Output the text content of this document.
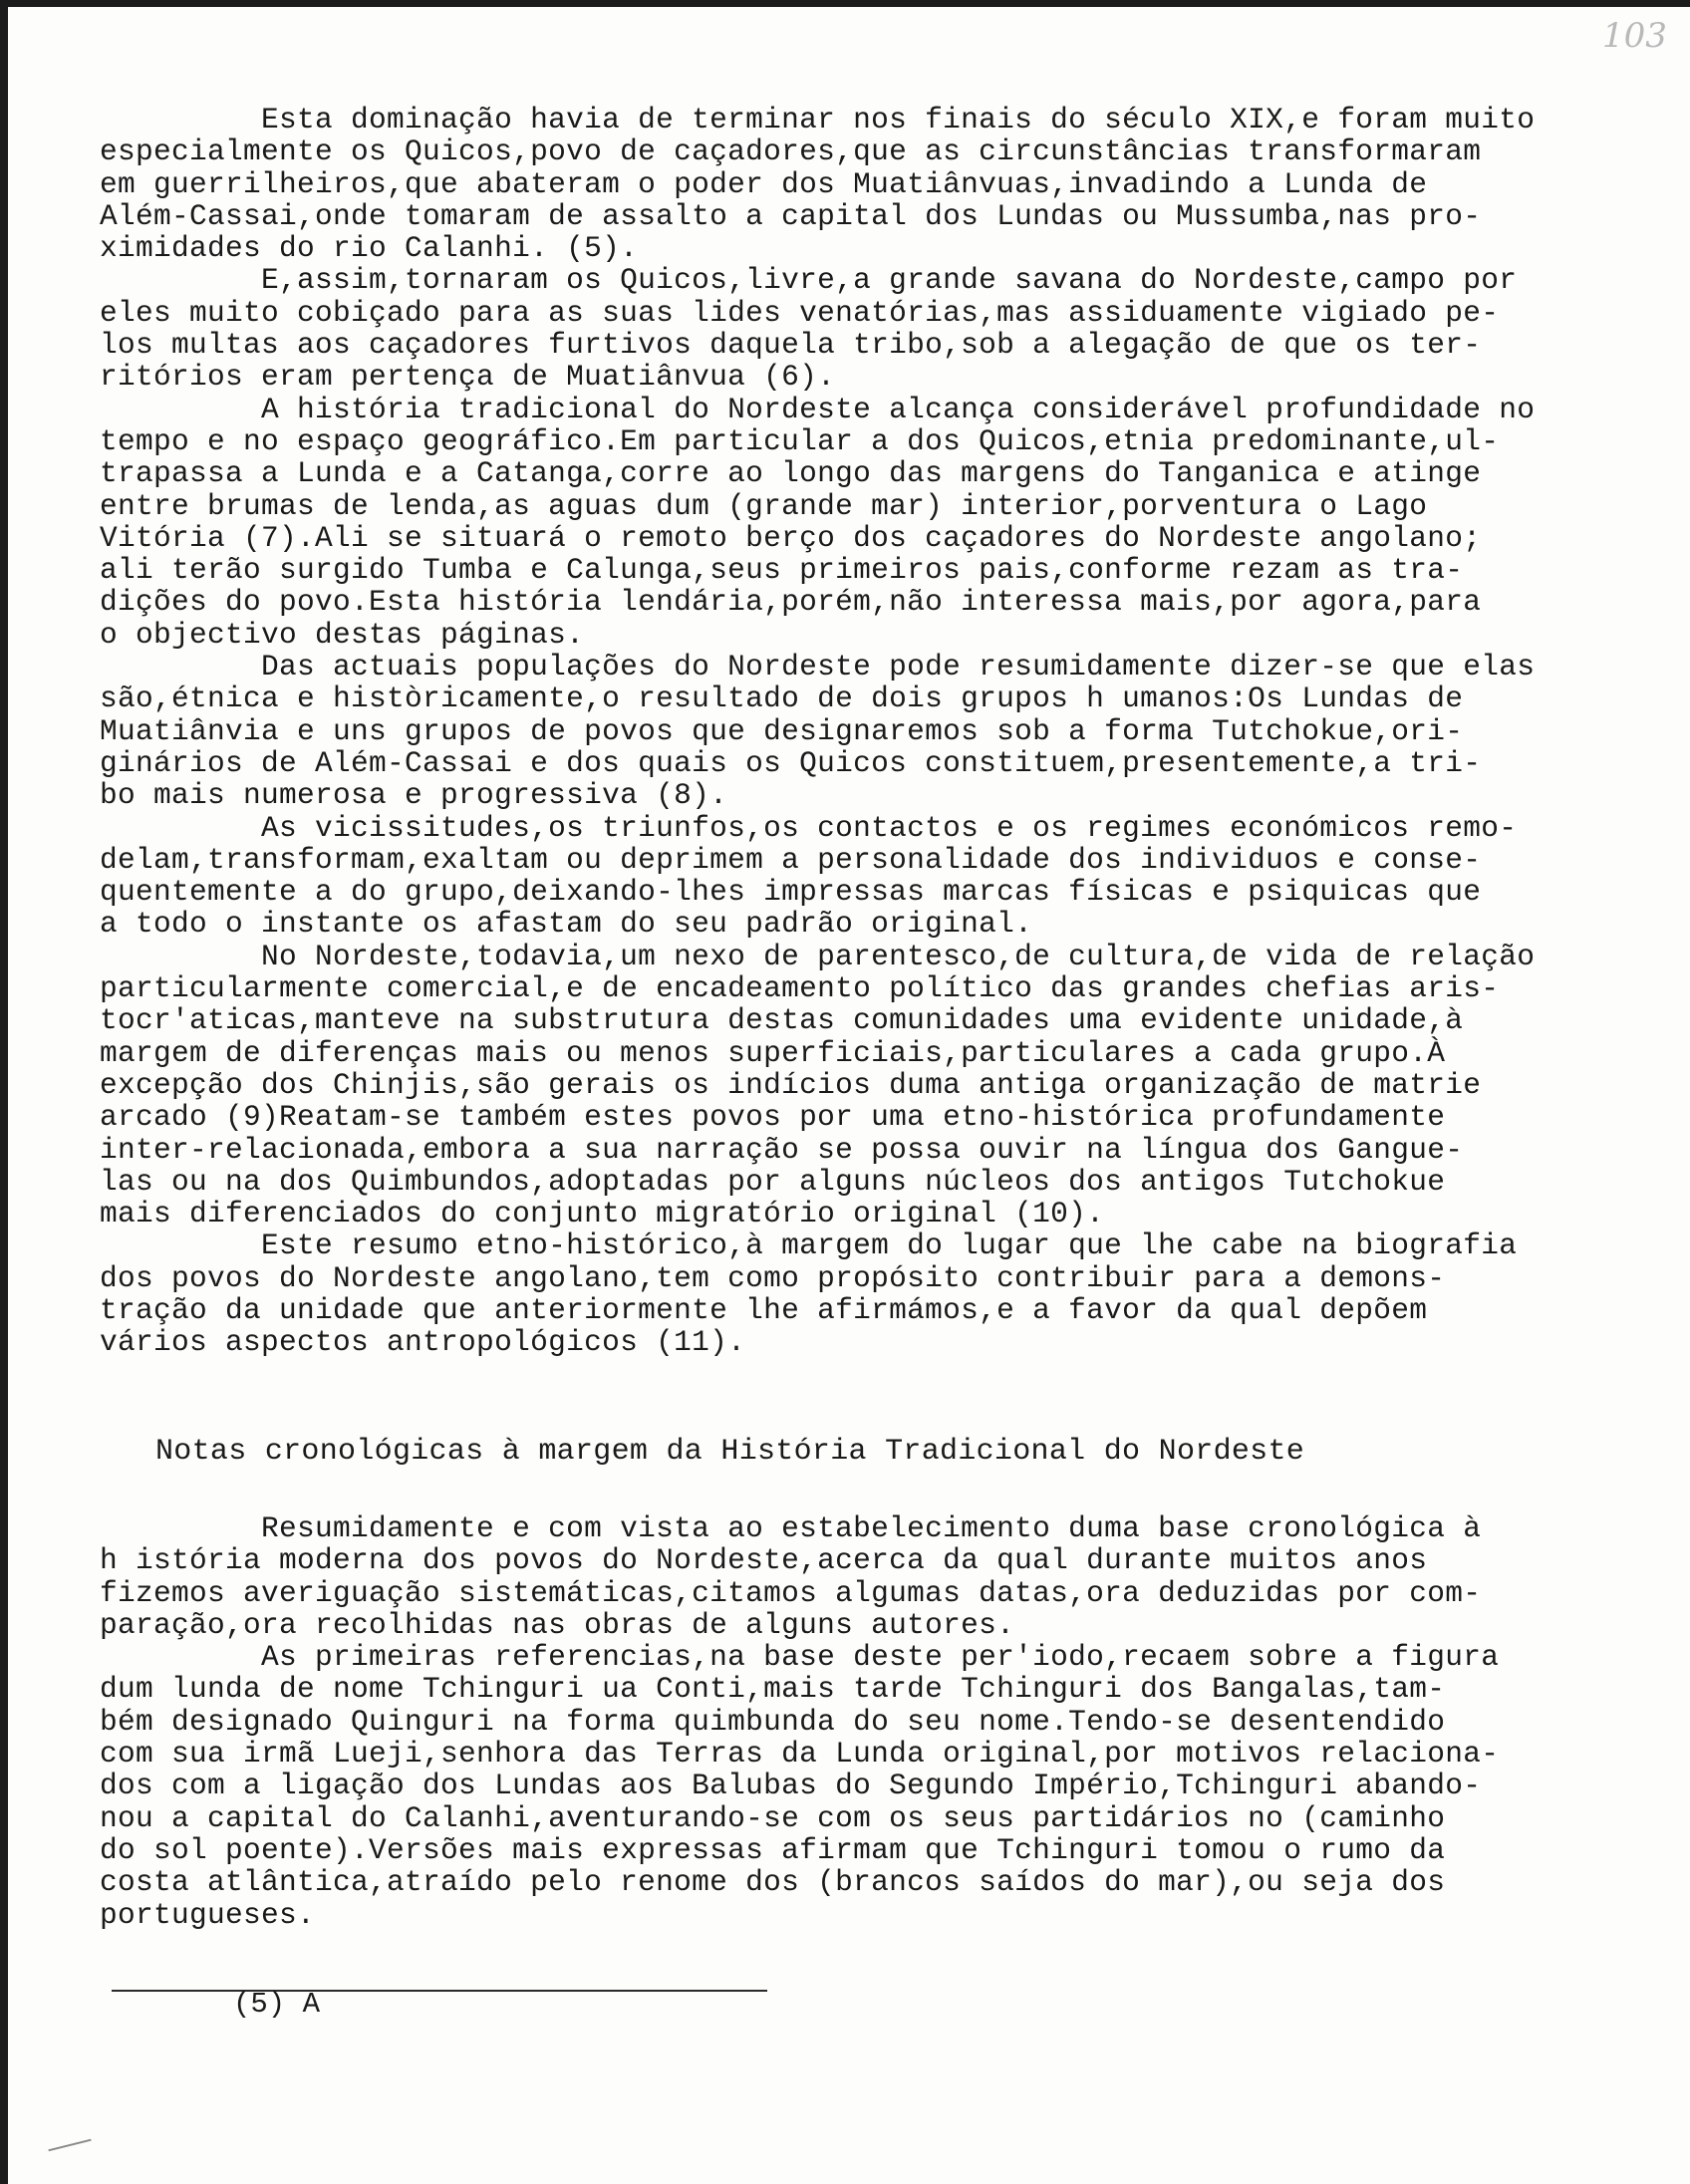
103
Esta dominação havia de terminar nos finais do século XIX,e foram muito
especialmente os Quicos,povo de caçadores,que as circunstâncias transformaram
em guerrilheiros,que abateram o poder dos Muatiânvuas,invadindo a Lunda de
Além-Cassai,onde tomaram de assalto a capital dos Lundas ou Mussumba,nas pro-
ximidades do rio Calanhi. (5).
E,assim,tornaram os Quicos,livre,a grande savana do Nordeste,campo por
eles muito cobiçado para as suas lides venatórias,mas assiduamente vigiado pe-
los multas aos caçadores furtivos daquela tribo,sob a alegação de que os ter-
ritórios eram pertença de Muatiânvua (6).
A história tradicional do Nordeste alcança considerável profundidade no
tempo e no espaço geográfico.Em particular a dos Quicos,etnia predominante,ul-
trapassa a Lunda e a Catanga,corre ao longo das margens do Tanganica e atinge
entre brumas de lenda,as aguas dum (grande mar) interior,porventura o Lago
Vitória (7).Ali se situará o remoto berço dos caçadores do Nordeste angolano;
ali terão surgido Tumba e Calunga,seus primeiros pais,conforme rezam as tra-
dições do povo.Esta história lendária,porém,não interessa mais,por agora,para
o objectivo destas páginas.
Das actuais populações do Nordeste pode resumidamente dizer-se que elas
são,étnica e històricamente,o resultado de dois grupos h umanos:Os Lundas de
Muatiânvia e uns grupos de povos que designaremos sob a forma Tutchokue,ori-
ginários de Além-Cassai e dos quais os Quicos constituem,presentemente,a tri-
bo mais numerosa e progressiva (8).
As vicissitudes,os triunfos,os contactos e os regimes económicos remo-
delam,transformam,exaltam ou deprimem a personalidade dos individuos e conse-
quentemente a do grupo,deixando-lhes impressas marcas físicas e psiquicas que
a todo o instante os afastam do seu padrão original.
No Nordeste,todavia,um nexo de parentesco,de cultura,de vida de relação
particularmente comercial,e de encadeamento político das grandes chefias aris-
tocr'aticas,manteve na substrutura destas comunidades uma evidente unidade,à
margem de diferenças mais ou menos superficiais,particulares a cada grupo.À
excepção dos Chinjis,são gerais os indícios duma antiga organização de matrie
arcado (9)Reatam-se também estes povos por uma etno-histórica profundamente
inter-relacionada,embora a sua narração se possa ouvir na língua dos Gangue-
las ou na dos Quimbundos,adoptadas por alguns núcleos dos antigos Tutchokue
mais diferenciados do conjunto migratório original (10).
Este resumo etno-histórico,à margem do lugar que lhe cabe na biografia
dos povos do Nordeste angolano,tem como propósito contribuir para a demons-
tração da unidade que anteriormente lhe afirmámos,e a favor da qual depõem
vários aspectos antropológicos (11).
Notas cronológicas à margem da História Tradicional do Nordeste
Resumidamente e com vista ao estabelecimento duma base cronológica à
h istória moderna dos povos do Nordeste,acerca da qual durante muitos anos
fizemos averiguação sistemáticas,citamos algumas datas,ora deduzidas por com-
paração,ora recolhidas nas obras de alguns autores.
As primeiras referencias,na base deste per'iodo,recaem sobre a figura
dum lunda de nome Tchinguri ua Conti,mais tarde Tchinguri dos Bangalas,tam-
bém designado Quinguri na forma quimbunda do seu nome.Tendo-se desentendido
com sua irmã Lueji,senhora das Terras da Lunda original,por motivos relaciona-
dos com a ligação dos Lundas aos Balubas do Segundo Império,Tchinguri abando-
nou a capital do Calanhi,aventurando-se com os seus partidários no (caminho
do sol poente).Versões mais expressas afirmam que Tchinguri tomou o rumo da
costa atlântica,atraído pelo renome dos (brancos saídos do mar),ou seja dos
portugueses.
(5) A
